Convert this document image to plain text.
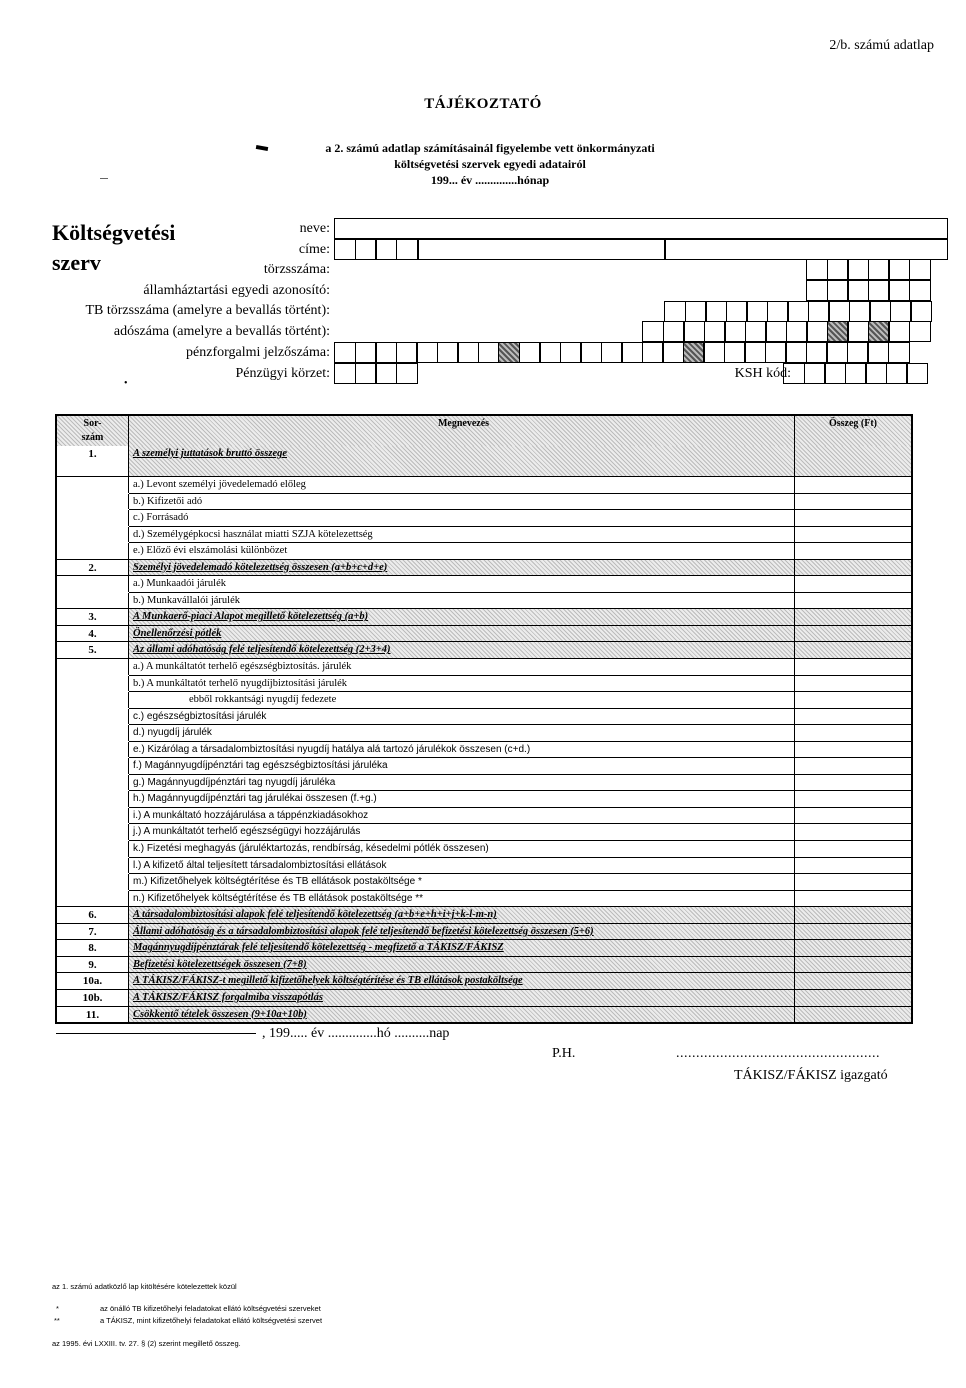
2/b. számú adatlap
TÁJÉKOZTATÓ
a 2. számú adatlap számításainál figyelembe vett önkormányzati
költségvetési szervek egyedi adatairól
199... év ..............hónap
Költségvetési
szerv
neve:
címe:
törzsszáma:
államháztartási egyedi azonosító:
TB törzsszáma (amelyre a bevallás történt):
adószáma (amelyre a bevallás történt):
pénzforgalmi jelzőszáma:
Pénzügyi körzet:	KSH kód:
•
Sor-
szám
Megnevezés	Összeg (Ft)
1.	A személyi juttatások bruttó összege
a.) Levont személyi jövedelemadó előleg
b.) Kifizetői adó
c.) Forrásadó
d.) Személygépkocsi használat miatti SZJA kötelezettség
e.) Előző évi elszámolási különbözet
2.	Személyi jövedelemadó kötelezettség összesen (a+b+c+d+e)
a.) Munkaadói járulék
b.) Munkavállalói járulék
3.	A Munkaerő-piaci Alapot megillető kötelezettség (a+b)
4.	Önellenőrzési pótlék
5.	Az állami adóhatóság felé teljesítendő kötelezettség (2+3+4)
a.) A munkáltatót terhelő egészségbiztosítás. járulék
b.) A munkáltatót terhelő nyugdíjbiztosítási járulék
ebből rokkantsági nyugdíj fedezete
c.) egészségbiztosítási járulék
d.) nyugdíj járulék
e.) Kizárólag a társadalombiztosítási nyugdíj hatálya alá tartozó járulékok összesen (c+d.)
f.) Magánnyugdíjpénztári tag egészségbiztosítási járuléka
g.) Magánnyugdíjpénztári tag nyugdíj járuléka
h.) Magánnyugdíjpénztári tag járulékai összesen (f.+g.)
i.) A munkáltató hozzájárulása a táppénzkiadásokhoz
j.) A munkáltatót terhelő egészségügyi hozzájárulás
k.) Fizetési meghagyás (járuléktartozás, rendbírság, késedelmi pótlék összesen)
l.) A kifizető által teljesített társadalombiztosítási ellátások
m.) Kifizetőhelyek költségtérítése és TB ellátások postaköltsége *
n.) Kifizetőhelyek költségtérítése és TB ellátások postaköltsége **
6.	A társadalombiztosítási alapok felé teljesítendő kötelezettség (a+b+e+h+i+j+k-l-m-n)
7.	Állami adóhatóság és a társadalombiztosítási alapok felé teljesítendő befizetési kötelezettség összesen (5+6)
8.	Magánnyugdíjpénztárak felé teljesítendő kötelezettség - megfizető a TÁKISZ/FÁKISZ
9.	Befizetési kötelezettségek összesen (7+8)
10a.	A TÁKISZ/FÁKISZ-t megillető kifizetőhelyek költségtérítése és TB ellátások postaköltsége
10b.	A TÁKISZ/FÁKISZ forgalmiba visszapótlás
11.	Csökkentő tételek összesen (9+10a+10b)
, 199..... év ..............hó ..........nap
P.H.	...................................................
TÁKISZ/FÁKISZ igazgató
az 1. számú adatközlő lap kitöltésére kötelezettek közül
*	az önálló TB kifizetőhelyi feladatokat ellátó költségvetési szerveket
**	a TÁKISZ, mint kifizetőhelyi feladatokat ellátó költségvetési szervet
az 1995. évi LXXIII. tv. 27. § (2) szerint megillető összeg.
